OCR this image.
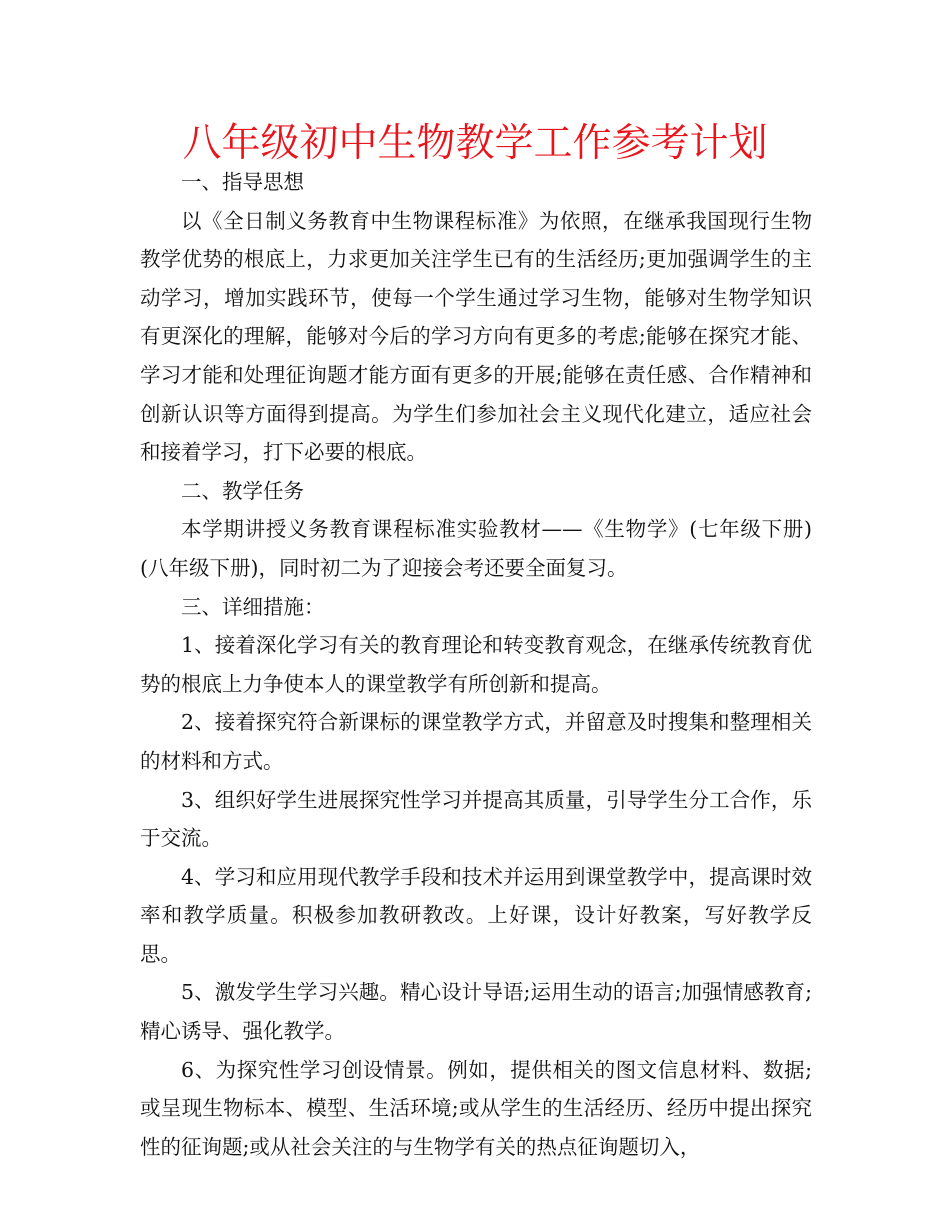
八年级初中生物教学工作参考计划

一、指导思想

以《全日制义务教育中生物课程标准》为依照，在继承我国现行生物教学优势的根底上，力求更加关注学生已有的生活经历;更加强调学生的主动学习，增加实践环节，使每一个学生通过学习生物，能够对生物学知识有更深化的理解，能够对今后的学习方向有更多的考虑;能够在探究才能、学习才能和处理征询题才能方面有更多的开展;能够在责任感、合作精神和创新认识等方面得到提高。为学生们参加社会主义现代化建立，适应社会和接着学习，打下必要的根底。

二、教学任务

本学期讲授义务教育课程标准实验教材——《生物学》(七年级下册)(八年级下册)，同时初二为了迎接会考还要全面复习。

三、详细措施：

1、接着深化学习有关的教育理论和转变教育观念，在继承传统教育优势的根底上力争使本人的课堂教学有所创新和提高。

2、接着探究符合新课标的课堂教学方式，并留意及时搜集和整理相关的材料和方式。

3、组织好学生进展探究性学习并提高其质量，引导学生分工合作，乐于交流。

4、学习和应用现代教学手段和技术并运用到课堂教学中，提高课时效率和教学质量。积极参加教研教改。上好课，设计好教案，写好教学反思。

5、激发学生学习兴趣。精心设计导语;运用生动的语言;加强情感教育;精心诱导、强化教学。

6、为探究性学习创设情景。例如，提供相关的图文信息材料、数据;或呈现生物标本、模型、生活环境;或从学生的生活经历、经历中提出探究性的征询题;或从社会关注的与生物学有关的热点征询题切入，
